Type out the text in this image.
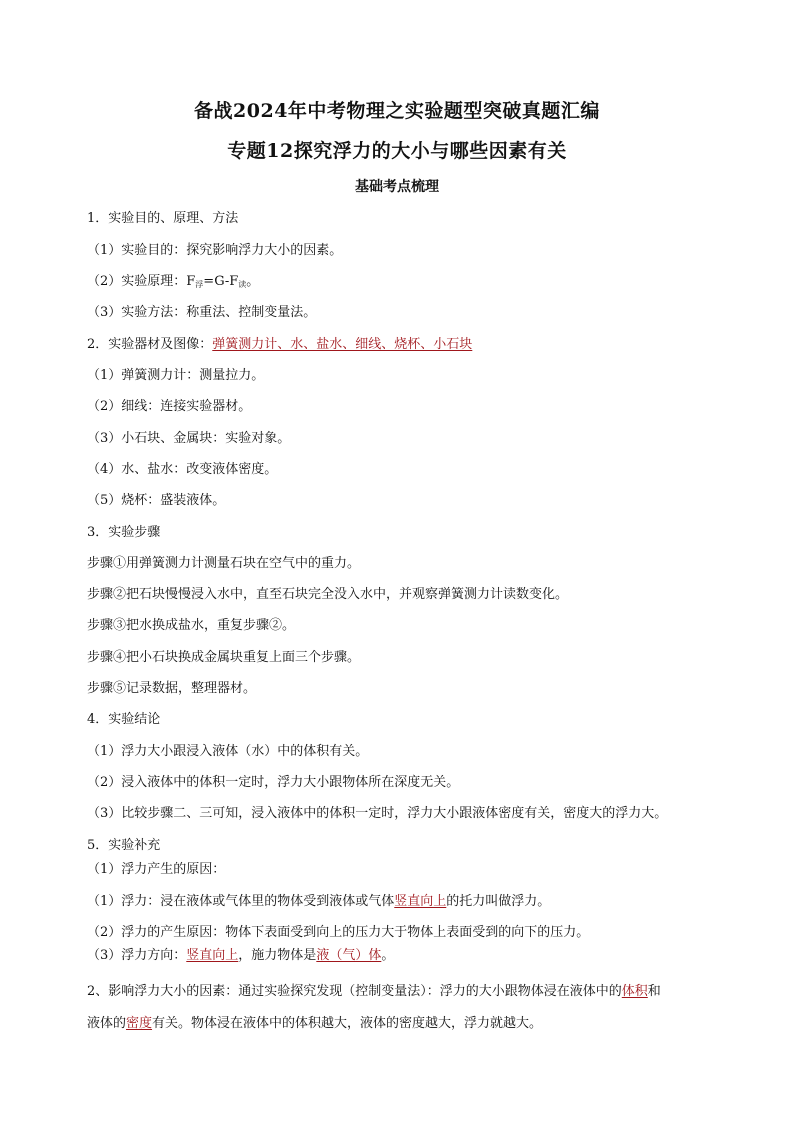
备战2024年中考物理之实验题型突破真题汇编
专题12探究浮力的大小与哪些因素有关
基础考点梳理
1．实验目的、原理、方法
（1）实验目的：探究影响浮力大小的因素。
（2）实验原理：$F_浮=G-F_读$。
（3）实验方法：称重法、控制变量法。
2．实验器材及图像：弹簧测力计、水、盐水、细线、烧杯、小石块
（1）弹簧测力计：测量拉力。
（2）细线：连接实验器材。
（3）小石块、金属块：实验对象。
（4）水、盐水：改变液体密度。
（5）烧杯：盛装液体。
3．实验步骤
步骤①用弹簧测力计测量石块在空气中的重力。
步骤②把石块慢慢浸入水中，直至石块完全没入水中，并观察弹簧测力计读数变化。
步骤③把水换成盐水，重复步骤②。
步骤④把小石块换成金属块重复上面三个步骤。
步骤⑤记录数据，整理器材。
4．实验结论
（1）浮力大小跟浸入液体（水）中的体积有关。
（2）浸入液体中的体积一定时，浮力大小跟物体所在深度无关。
（3）比较步骤二、三可知，浸入液体中的体积一定时，浮力大小跟液体密度有关，密度大的浮力大。
5．实验补充
（1）浮力产生的原因：
（1）浮力：浸在液体或气体里的物体受到液体或气体竖直向上的托力叫做浮力。
（2）浮力的产生原因：物体下表面受到向上的压力大于物体上表面受到的向下的压力。
（3）浮力方向：竖直向上，施力物体是液（气）体。
2、影响浮力大小的因素：通过实验探究发现（控制变量法）：浮力的大小跟物体浸在液体中的体积和
液体的密度有关。物体浸在液体中的体积越大，液体的密度越大，浮力就越大。
